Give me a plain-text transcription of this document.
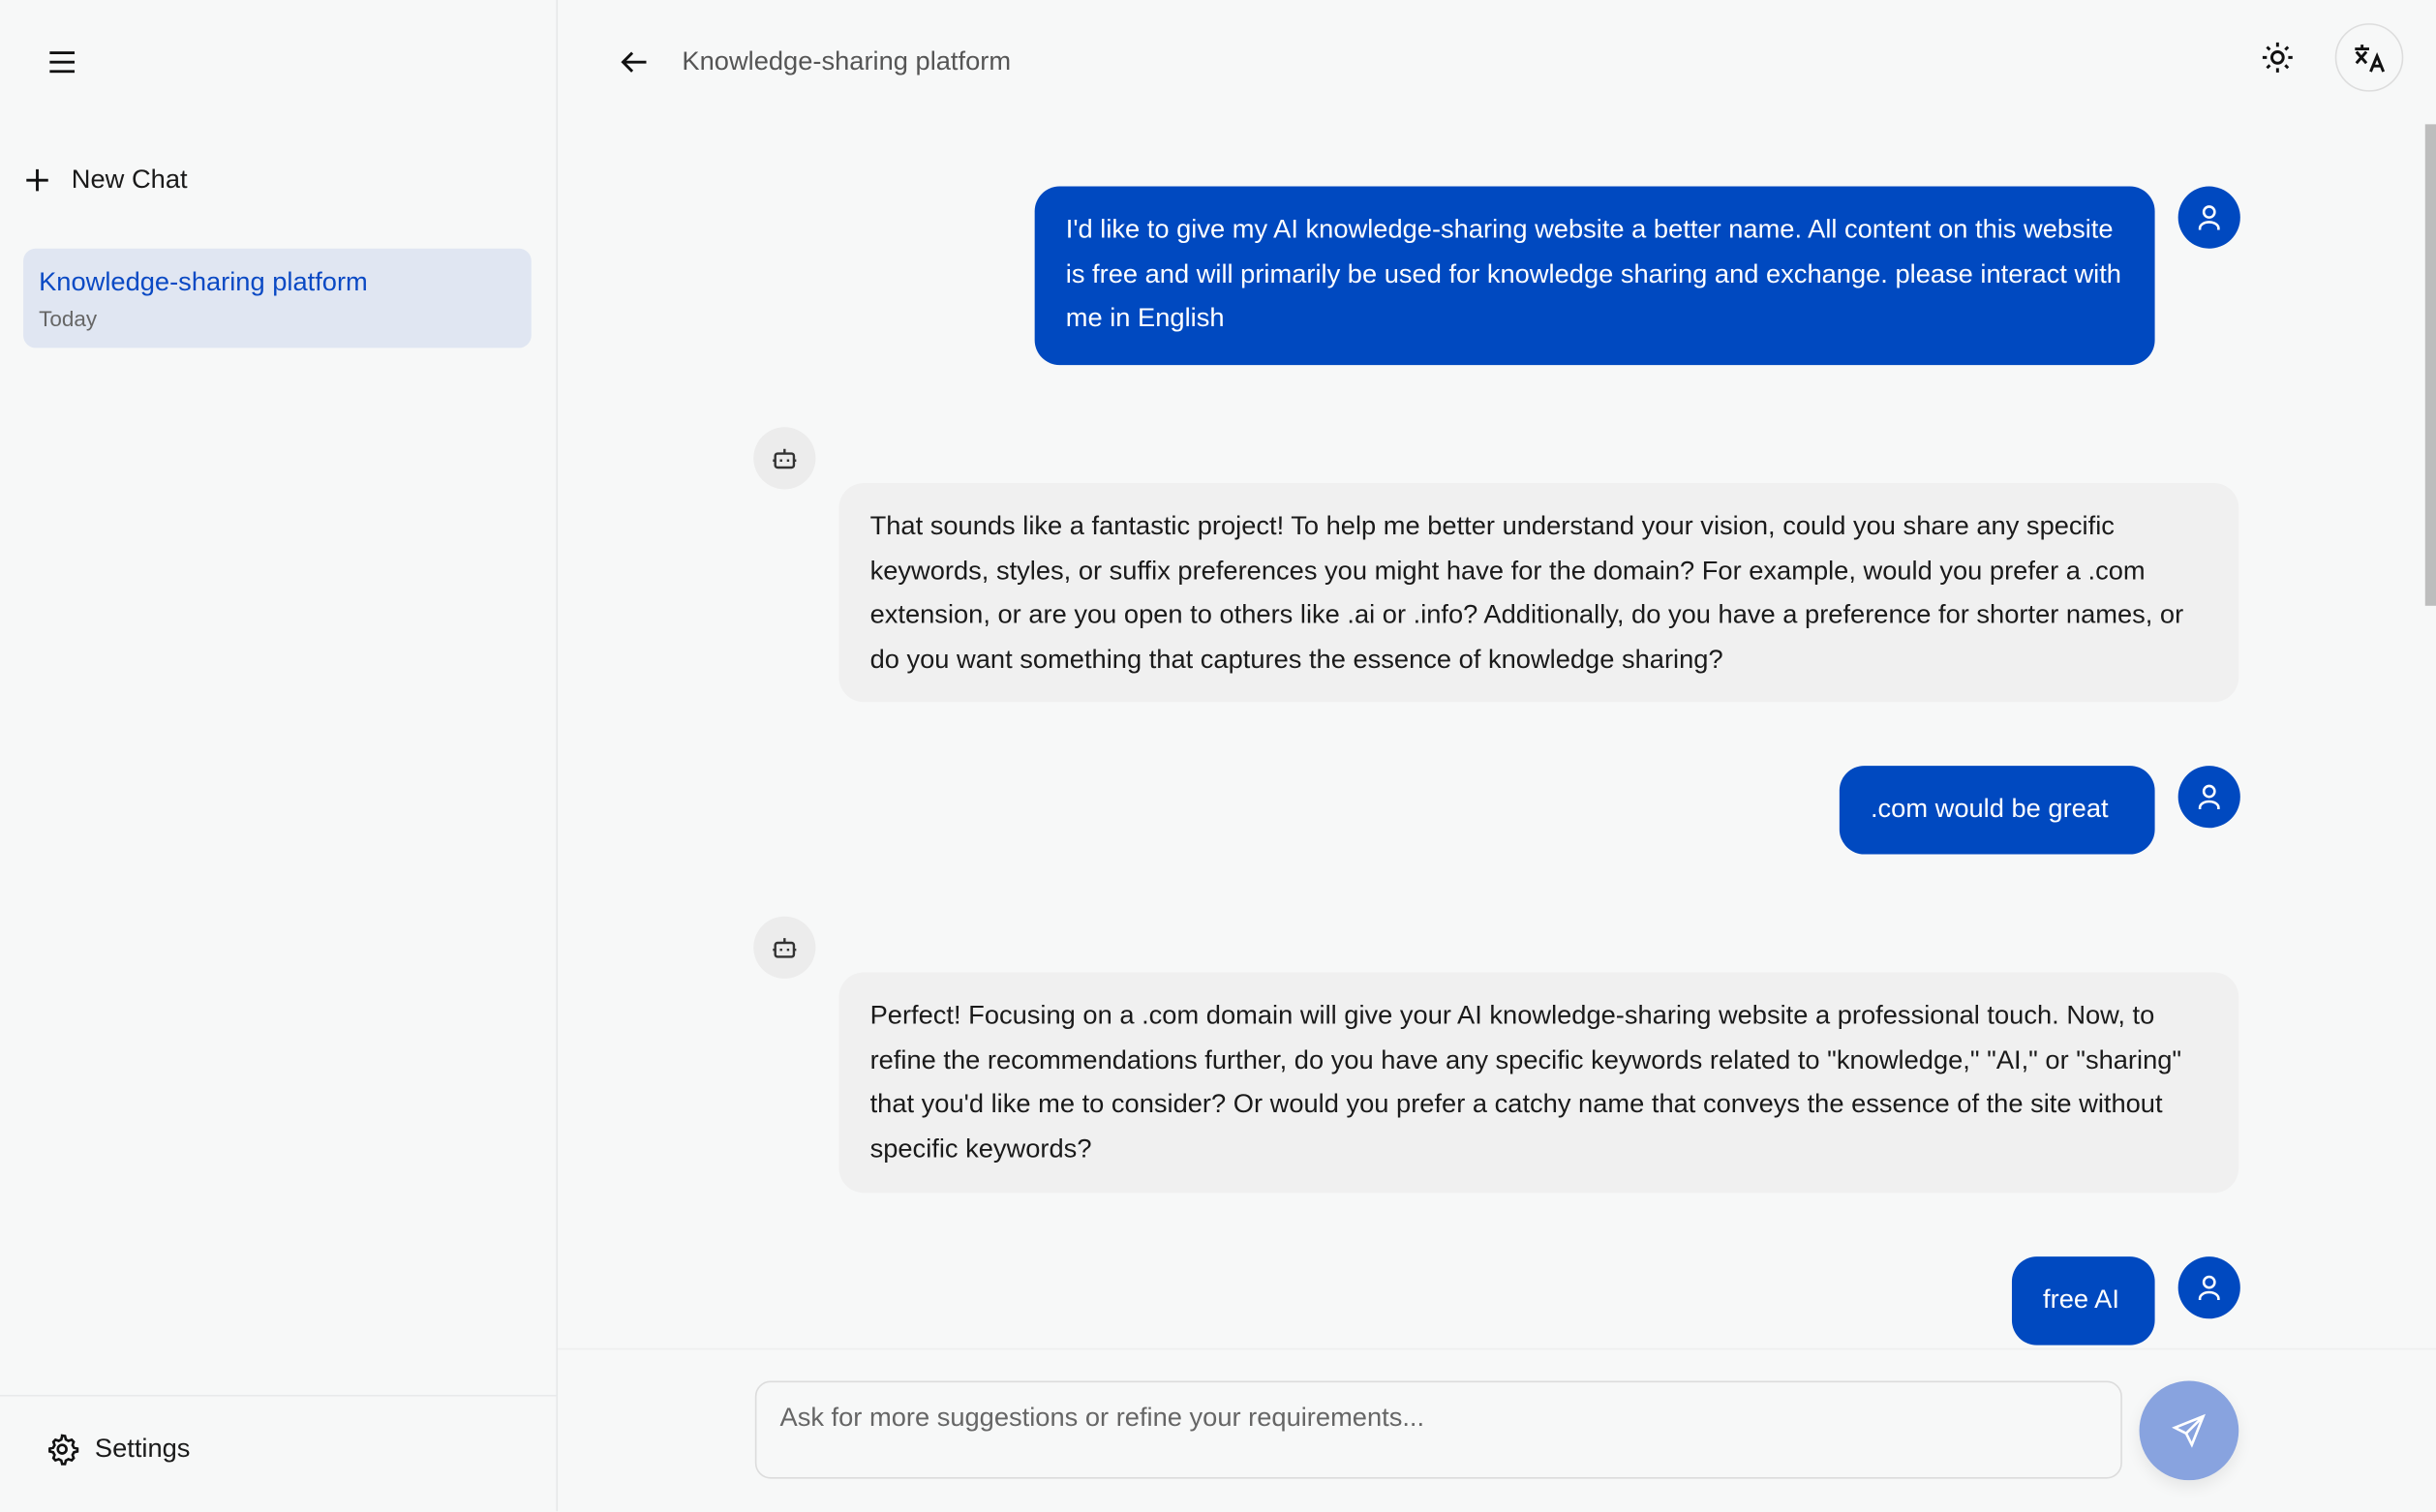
New Chat
Knowledge-sharing platform
Today
Settings
Knowledge-sharing platform
I'd like to give my AI knowledge-sharing website a better name. All content on this website is free and will primarily be used for knowledge sharing and exchange. please interact with me in English
That sounds like a fantastic project! To help me better understand your vision, could you share any specific keywords, styles, or suffix preferences you might have for the domain? For example, would you prefer a .com extension, or are you open to others like .ai or .info? Additionally, do you have a preference for shorter names, or do you want something that captures the essence of knowledge sharing?
.com would be great
Perfect! Focusing on a .com domain will give your AI knowledge-sharing website a professional touch. Now, to refine the recommendations further, do you have any specific keywords related to "knowledge," "AI," or "sharing" that you'd like me to consider? Or would you prefer a catchy name that conveys the essence of the site without specific keywords?
free AI
Ask for more suggestions or refine your requirements...
